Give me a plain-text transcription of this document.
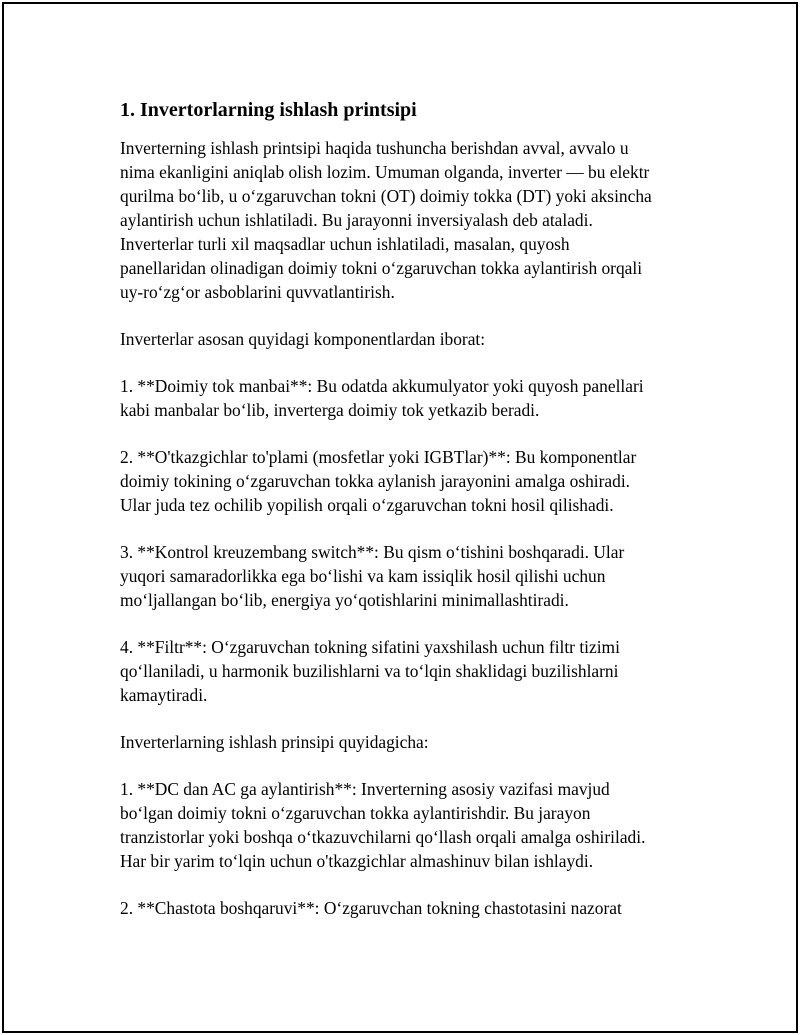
1. Invertorlarning ishlash printsipi

Inverterning ishlash printsipi haqida tushuncha berishdan avval, avvalo u
nima ekanligini aniqlab olish lozim. Umuman olganda, inverter — bu elektr
qurilma bo‘lib, u o‘zgaruvchan tokni (OT) doimiy tokka (DT) yoki aksincha
aylantirish uchun ishlatiladi. Bu jarayonni inversiyalash deb ataladi.
Inverterlar turli xil maqsadlar uchun ishlatiladi, masalan, quyosh
panellaridan olinadigan doimiy tokni o‘zgaruvchan tokka aylantirish orqali
uy-ro‘zg‘or asboblarini quvvatlantirish.

Inverterlar asosan quyidagi komponentlardan iborat:

1. **Doimiy tok manbai**: Bu odatda akkumulyator yoki quyosh panellari
kabi manbalar bo‘lib, inverterga doimiy tok yetkazib beradi.

2. **O'tkazgichlar to'plami (mosfetlar yoki IGBTlar)**: Bu komponentlar
doimiy tokining o‘zgaruvchan tokka aylanish jarayonini amalga oshiradi.
Ular juda tez ochilib yopilish orqali o‘zgaruvchan tokni hosil qilishadi.

3. **Kontrol kreuzembang switch**: Bu qism o‘tishini boshqaradi. Ular
yuqori samaradorlikka ega bo‘lishi va kam issiqlik hosil qilishi uchun
mo‘ljallangan bo‘lib, energiya yo‘qotishlarini minimallashtiradi.

4. **Filtr**: O‘zgaruvchan tokning sifatini yaxshilash uchun filtr tizimi
qo‘llaniladi, u harmonik buzilishlarni va to‘lqin shaklidagi buzilishlarni
kamaytiradi.

Inverterlarning ishlash prinsipi quyidagicha:

1. **DC dan AC ga aylantirish**: Inverterning asosiy vazifasi mavjud
bo‘lgan doimiy tokni o‘zgaruvchan tokka aylantirishdir. Bu jarayon
tranzistorlar yoki boshqa o‘tkazuvchilarni qo‘llash orqali amalga oshiriladi.
Har bir yarim to‘lqin uchun o'tkazgichlar almashinuv bilan ishlaydi.

2. **Chastota boshqaruvi**: O‘zgaruvchan tokning chastotasini nazorat
